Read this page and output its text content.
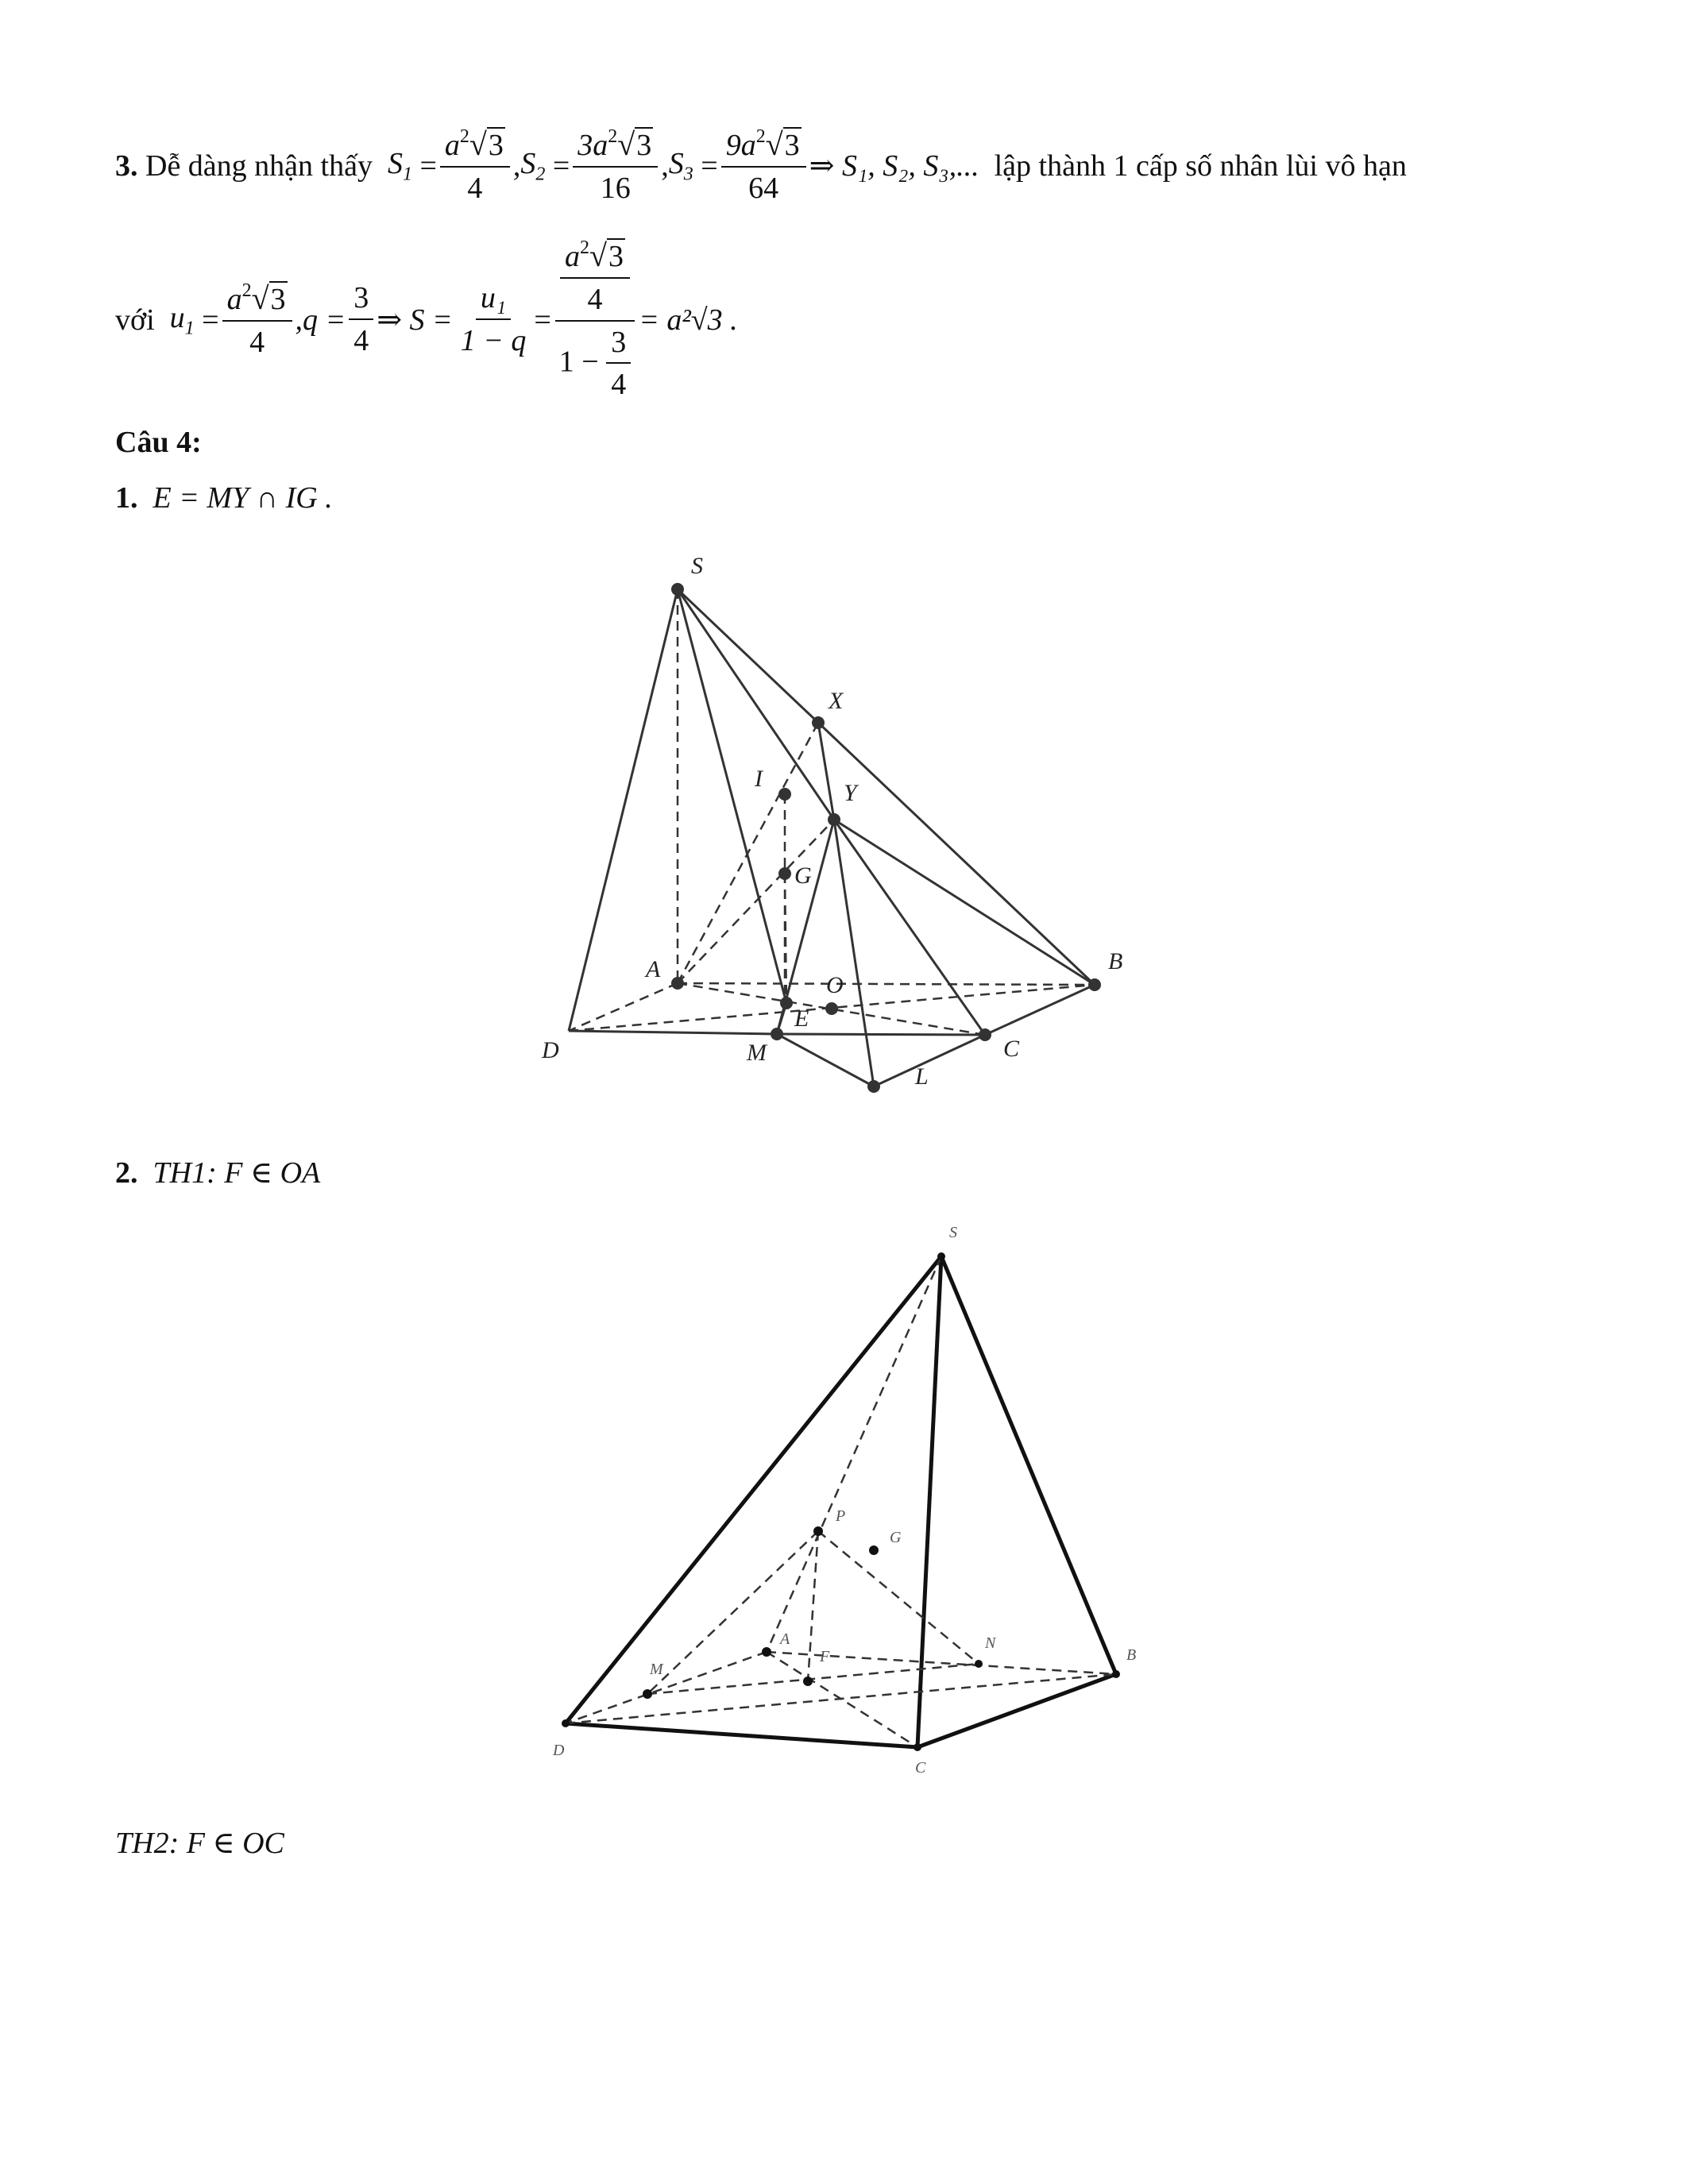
3.
Dễ dàng nhận thấy
$S_1 = \frac{a^2√3}{4}$ , $S_2 = \frac{3a^2√3}{16}$ , $S_3 = \frac{9a^2√3}{64}$ ⇒ S₁, S₂, S₃,...
lập thành 1 cấp số nhân lùi vô hạn
với
$u_1 = \frac{a^2√3}{4} ,q = \frac{3}{4}$ ⇒ $S = \frac{\text{u₁}}{1 - q} = \frac{\frac{a^2√3}{4}}{1 - \frac{3}{4}} = a^2√3$ .
Câu 4:
1.
E = MY ∩ IG .
S
X
I
Y
G
A	B
O
E
D	M	C
L
2.
TH1: F ∈ OA
S
P
G
M
A
F
N
B
D
C
TH2: F ∈ OC
